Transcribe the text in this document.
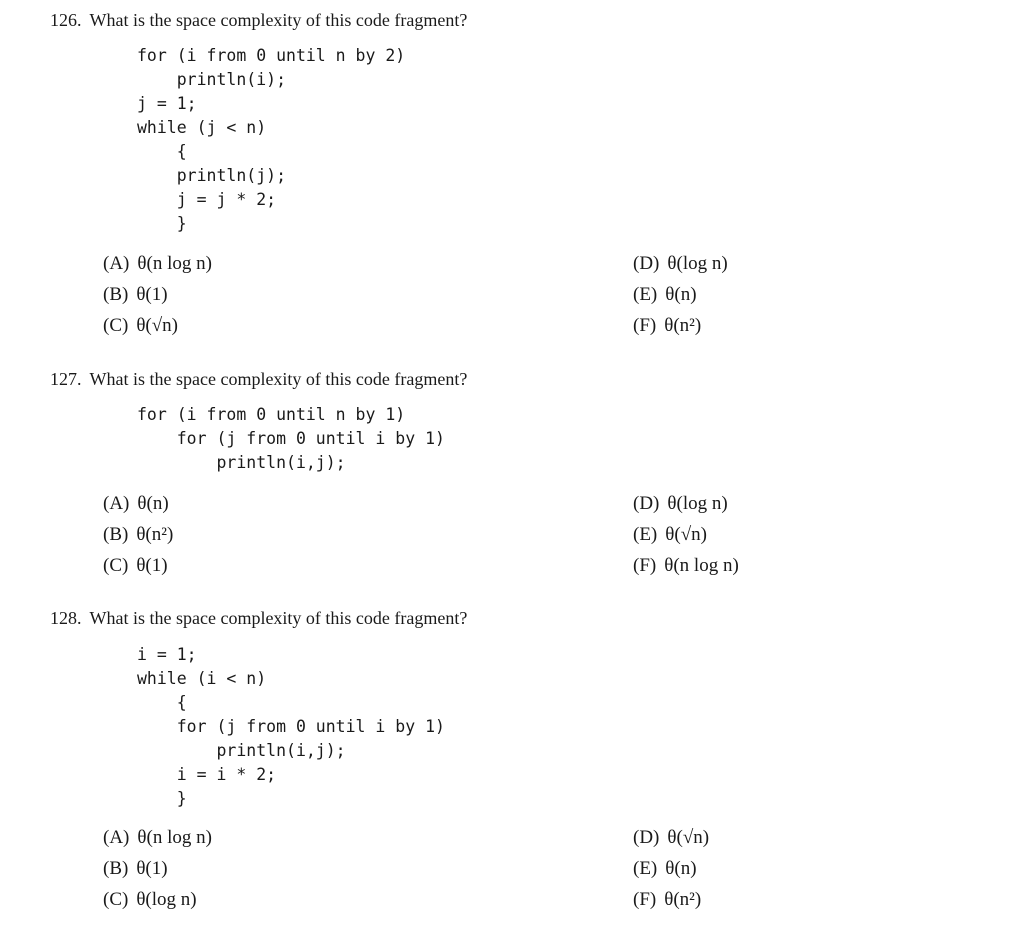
126. What is the space complexity of this code fragment?
for (i from 0 until n by 2)
println(i);
j = 1;
while (j < n)
{
println(j);
j = j * 2;
}
(A) θ(n log n)
(B) θ(1)
(C) θ(√n)
(D) θ(log n)
(E) θ(n)
(F) θ(n²)
127. What is the space complexity of this code fragment?
for (i from 0 until n by 1)
for (j from 0 until i by 1)
println(i,j);
(A) θ(n)
(B) θ(n²)
(C) θ(1)
(D) θ(log n)
(E) θ(√n)
(F) θ(n log n)
128. What is the space complexity of this code fragment?
i = 1;
while (i < n)
{
for (j from 0 until i by 1)
println(i,j);
i = i * 2;
}
(A) θ(n log n)
(B) θ(1)
(C) θ(log n)
(D) θ(√n)
(E) θ(n)
(F) θ(n²)
